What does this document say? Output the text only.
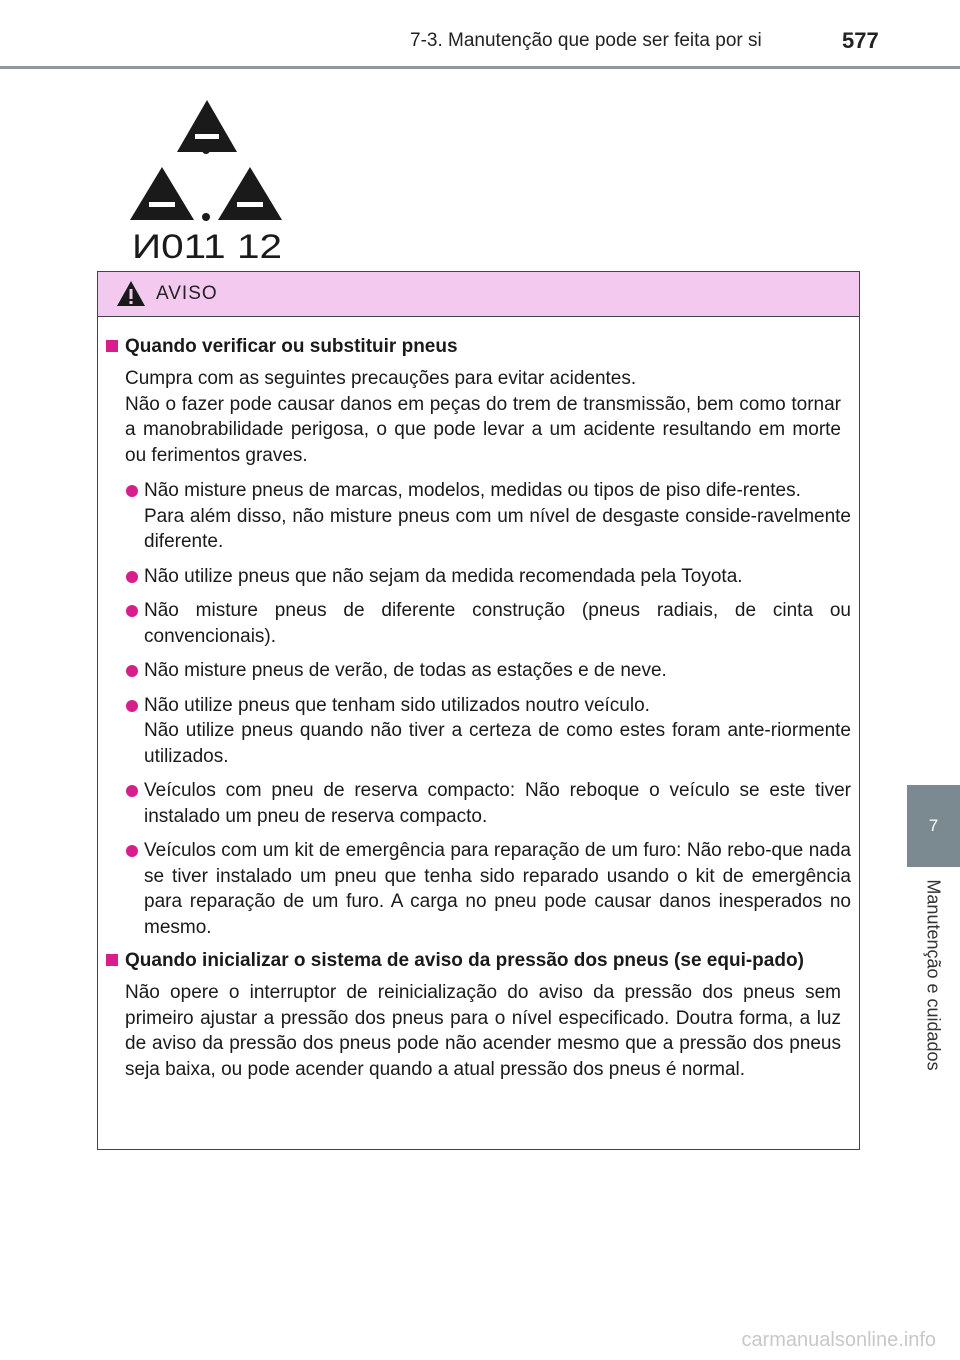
7-3. Manutenção que pode ser feita por si	577
7
Manutenção e cuidados
И011 12
AVISO
Quando verificar ou substituir pneus
Cumpra com as seguintes precauções para evitar acidentes.
Não o fazer pode causar danos em peças do trem de transmissão, bem como tornar a manobrabilidade perigosa, o que pode levar a um acidente resultando em morte ou ferimentos graves.
Não misture pneus de marcas, modelos, medidas ou tipos de piso dife-rentes.
Para além disso, não misture pneus com um nível de desgaste conside-ravelmente diferente.
Não utilize pneus que não sejam da medida recomendada pela Toyota.
Não misture pneus de diferente construção (pneus radiais, de cinta ou convencionais).
Não misture pneus de verão, de todas as estações e de neve.
Não utilize pneus que tenham sido utilizados noutro veículo.
Não utilize pneus quando não tiver a certeza de como estes foram ante-riormente utilizados.
Veículos com pneu de reserva compacto: Não reboque o veículo se este tiver instalado um pneu de reserva compacto.
Veículos com um kit de emergência para reparação de um furo: Não rebo-que nada se tiver instalado um pneu que tenha sido reparado usando o kit de emergência para reparação de um furo. A carga no pneu pode causar danos inesperados no mesmo.
Quando inicializar o sistema de aviso da pressão dos pneus (se equi-pado)
Não opere o interruptor de reinicialização do aviso da pressão dos pneus sem primeiro ajustar a pressão dos pneus para o nível especificado. Doutra forma, a luz de aviso da pressão dos pneus pode não acender mesmo que a pressão dos pneus seja baixa, ou pode acender quando a atual pressão dos pneus é normal.
carmanualsonline.info
